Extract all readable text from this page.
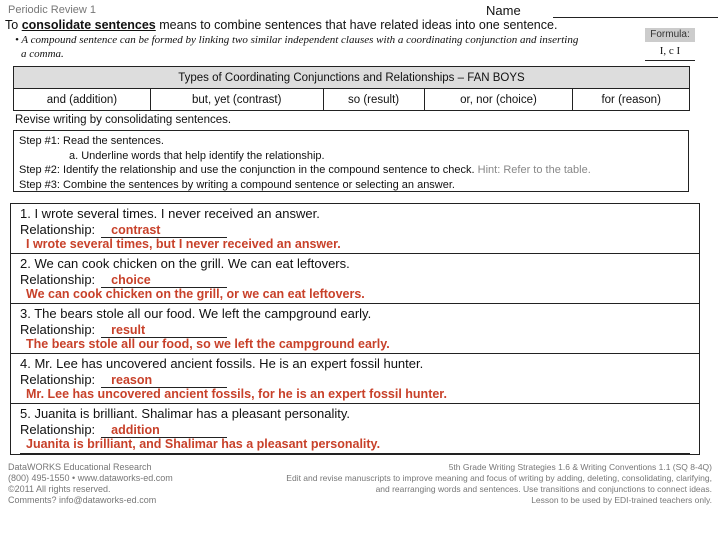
Periodic Review 1	Name
To consolidate sentences means to combine sentences that have related ideas into one sentence.
• A compound sentence can be formed by linking two similar independent clauses with a coordinating conjunction and inserting
a comma.
Formula:
I, c I
Types of Coordinating Conjunctions and Relationships – FAN BOYS
and (addition)	but, yet (contrast)	so (result)	or, nor (choice)	for (reason)
Revise writing by consolidating sentences.
Step #1: Read the sentences.
a. Underline words that help identify the relationship.
Step #2: Identify the relationship and use the conjunction in the compound sentence to check. Hint: Refer to the table.
Step #3: Combine the sentences by writing a compound sentence or selecting an answer.
1. I wrote several times. I never received an answer.
Relationship: contrast
I wrote several times, but I never received an answer.
2. We can cook chicken on the grill. We can eat leftovers.
Relationship: choice
We can cook chicken on the grill, or we can eat leftovers.
3. The bears stole all our food. We left the campground early.
Relationship: result
The bears stole all our food, so we left the campground early.
4. Mr. Lee has uncovered ancient fossils. He is an expert fossil hunter.
Relationship: reason
Mr. Lee has uncovered ancient fossils, for he is an expert fossil hunter.
5. Juanita is brilliant. Shalimar has a pleasant personality.
Relationship: addition
Juanita is brilliant, and Shalimar has a pleasant personality.
DataWORKS Educational Research
(800) 495-1550 • www.dataworks-ed.com
©2011 All rights reserved.
Comments? info@dataworks-ed.com
5th Grade Writing Strategies 1.6 & Writing Conventions 1.1 (SQ 8-4Q)
Edit and revise manuscripts to improve meaning and focus of writing by adding, deleting, consolidating, clarifying,
and rearranging words and sentences. Use transitions and conjunctions to connect ideas.
Lesson to be used by EDI-trained teachers only.
